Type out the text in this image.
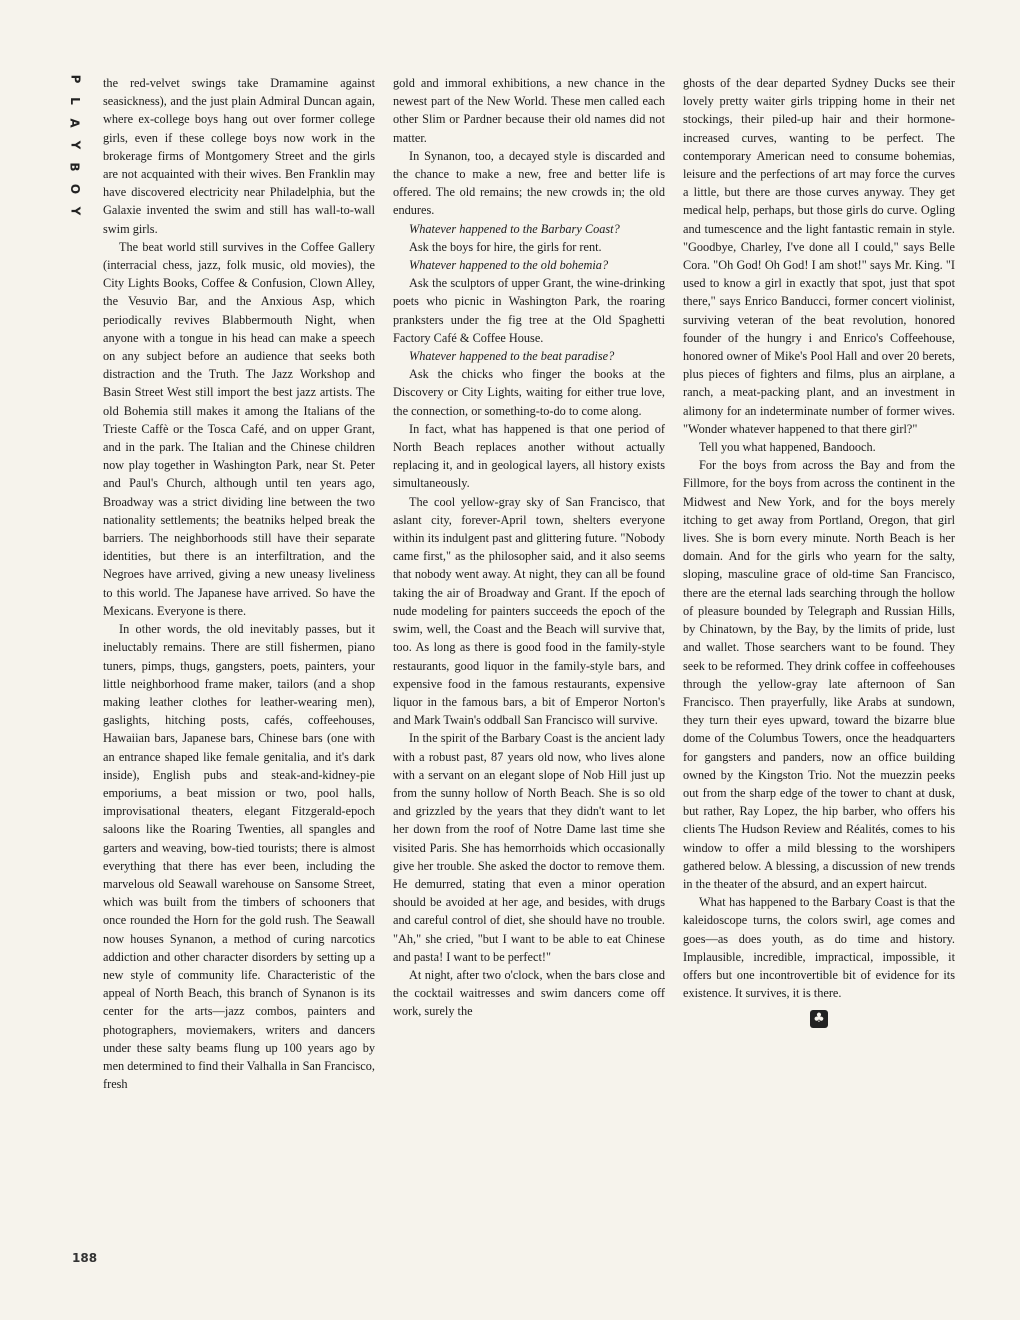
P
L
A
Y
B
O
Y
188

the red-velvet swings take Dramamine against seasickness), and the just plain Admiral Duncan again, where ex-college boys hang out over former college girls, even if these college boys now work in the brokerage firms of Montgomery Street and the girls are not acquainted with their wives. Ben Franklin may have discovered electricity near Philadelphia, but the Galaxie invented the swim and still has wall-to-wall swim girls.

The beat world still survives in the Coffee Gallery (interracial chess, jazz, folk music, old movies), the City Lights Books, Coffee & Confusion, Clown Alley, the Vesuvio Bar, and the Anxious Asp, which periodically revives Blabbermouth Night, when anyone with a tongue in his head can make a speech on any subject before an audience that seeks both distraction and the Truth. The Jazz Workshop and Basin Street West still import the best jazz artists. The old Bohemia still makes it among the Italians of the Trieste Caffè or the Tosca Café, and on upper Grant, and in the park. The Italian and the Chinese children now play together in Washington Park, near St. Peter and Paul's Church, although until ten years ago, Broadway was a strict dividing line between the two nationality settlements; the beatniks helped break the barriers. The neighborhoods still have their separate identities, but there is an interfiltration, and the Negroes have arrived, giving a new uneasy liveliness to this world. The Japanese have arrived. So have the Mexicans. Everyone is there.

In other words, the old inevitably passes, but it ineluctably remains. There are still fishermen, piano tuners, pimps, thugs, gangsters, poets, painters, your little neighborhood frame maker, tailors (and a shop making leather clothes for leather-wearing men), gaslights, hitching posts, cafés, coffeehouses, Hawaiian bars, Japanese bars, Chinese bars (one with an entrance shaped like female genitalia, and it's dark inside), English pubs and steak-and-kidney-pie emporiums, a beat mission or two, pool halls, improvisational theaters, elegant Fitzgerald-epoch saloons like the Roaring Twenties, all spangles and garters and weaving, bow-tied tourists; there is almost everything that there has ever been, including the marvelous old Seawall warehouse on Sansome Street, which was built from the timbers of schooners that once rounded the Horn for the gold rush. The Seawall now houses Synanon, a method of curing narcotics addiction and other character disorders by setting up a new style of community life. Characteristic of the appeal of North Beach, this branch of Synanon is its center for the arts—jazz combos, painters and photographers, moviemakers, writers and dancers under these salty beams flung up 100 years ago by men determined to find their Valhalla in San Francisco, fresh

gold and immoral exhibitions, a new chance in the newest part of the New World. These men called each other Slim or Pardner because their old names did not matter.

In Synanon, too, a decayed style is discarded and the chance to make a new, free and better life is offered. The old remains; the new crowds in; the old endures.

Whatever happened to the Barbary Coast?

Ask the boys for hire, the girls for rent.

Whatever happened to the old bohemia?

Ask the sculptors of upper Grant, the wine-drinking poets who picnic in Washington Park, the roaring pranksters under the fig tree at the Old Spaghetti Factory Café & Coffee House.

Whatever happened to the beat paradise?

Ask the chicks who finger the books at the Discovery or City Lights, waiting for either true love, the connection, or something-to-do to come along.

In fact, what has happened is that one period of North Beach replaces another without actually replacing it, and in geological layers, all history exists simultaneously.

The cool yellow-gray sky of San Francisco, that aslant city, forever-April town, shelters everyone within its indulgent past and glittering future. "Nobody came first," as the philosopher said, and it also seems that nobody went away. At night, they can all be found taking the air of Broadway and Grant. If the epoch of nude modeling for painters succeeds the epoch of the swim, well, the Coast and the Beach will survive that, too. As long as there is good food in the family-style restaurants, good liquor in the family-style bars, and expensive food in the famous restaurants, expensive liquor in the famous bars, a bit of Emperor Norton's and Mark Twain's oddball San Francisco will survive.

In the spirit of the Barbary Coast is the ancient lady with a robust past, 87 years old now, who lives alone with a servant on an elegant slope of Nob Hill just up from the sunny hollow of North Beach. She is so old and grizzled by the years that they didn't want to let her down from the roof of Notre Dame last time she visited Paris. She has hemorrhoids which occasionally give her trouble. She asked the doctor to remove them. He demurred, stating that even a minor operation should be avoided at her age, and besides, with drugs and careful control of diet, she should have no trouble. "Ah," she cried, "but I want to be able to eat Chinese and pasta! I want to be perfect!"

At night, after two o'clock, when the bars close and the cocktail waitresses and swim dancers come off work, surely the

ghosts of the dear departed Sydney Ducks see their lovely pretty waiter girls tripping home in their net stockings, their piled-up hair and their hormone-increased curves, wanting to be perfect. The contemporary American need to consume bohemias, leisure and the perfections of art may force the curves a little, but there are those curves anyway. They get medical help, perhaps, but those girls do curve. Ogling and tumescence and the light fantastic remain in style. "Goodbye, Charley, I've done all I could," says Belle Cora. "Oh God! Oh God! I am shot!" says Mr. King. "I used to know a girl in exactly that spot, just that spot there," says Enrico Banducci, former concert violinist, surviving veteran of the beat revolution, honored founder of the hungry i and Enrico's Coffeehouse, honored owner of Mike's Pool Hall and over 20 berets, plus pieces of fighters and films, plus an airplane, a ranch, a meat-packing plant, and an investment in alimony for an indeterminate number of former wives. "Wonder whatever happened to that there girl?"

Tell you what happened, Bandooch.

For the boys from across the Bay and from the Fillmore, for the boys from across the continent in the Midwest and New York, and for the boys merely itching to get away from Portland, Oregon, that girl lives. She is born every minute. North Beach is her domain. And for the girls who yearn for the salty, sloping, masculine grace of old-time San Francisco, there are the eternal lads searching through the hollow of pleasure bounded by Telegraph and Russian Hills, by Chinatown, by the Bay, by the limits of pride, lust and wallet. Those searchers want to be found. They seek to be reformed. They drink coffee in coffeehouses through the yellow-gray late afternoon of San Francisco. Then prayerfully, like Arabs at sundown, they turn their eyes upward, toward the bizarre blue dome of the Columbus Towers, once the headquarters for gangsters and panders, now an office building owned by the Kingston Trio. Not the muezzin peeks out from the sharp edge of the tower to chant at dusk, but rather, Ray Lopez, the hip barber, who offers his clients The Hudson Review and Réalités, comes to his window to offer a mild blessing to the worshipers gathered below. A blessing, a discussion of new trends in the theater of the absurd, and an expert haircut.

What has happened to the Barbary Coast is that the kaleidoscope turns, the colors swirl, age comes and goes—as does youth, as do time and history. Implausible, incredible, impractical, impossible, it offers but one incontrovertible bit of evidence for its existence. It survives, it is there.

♣
